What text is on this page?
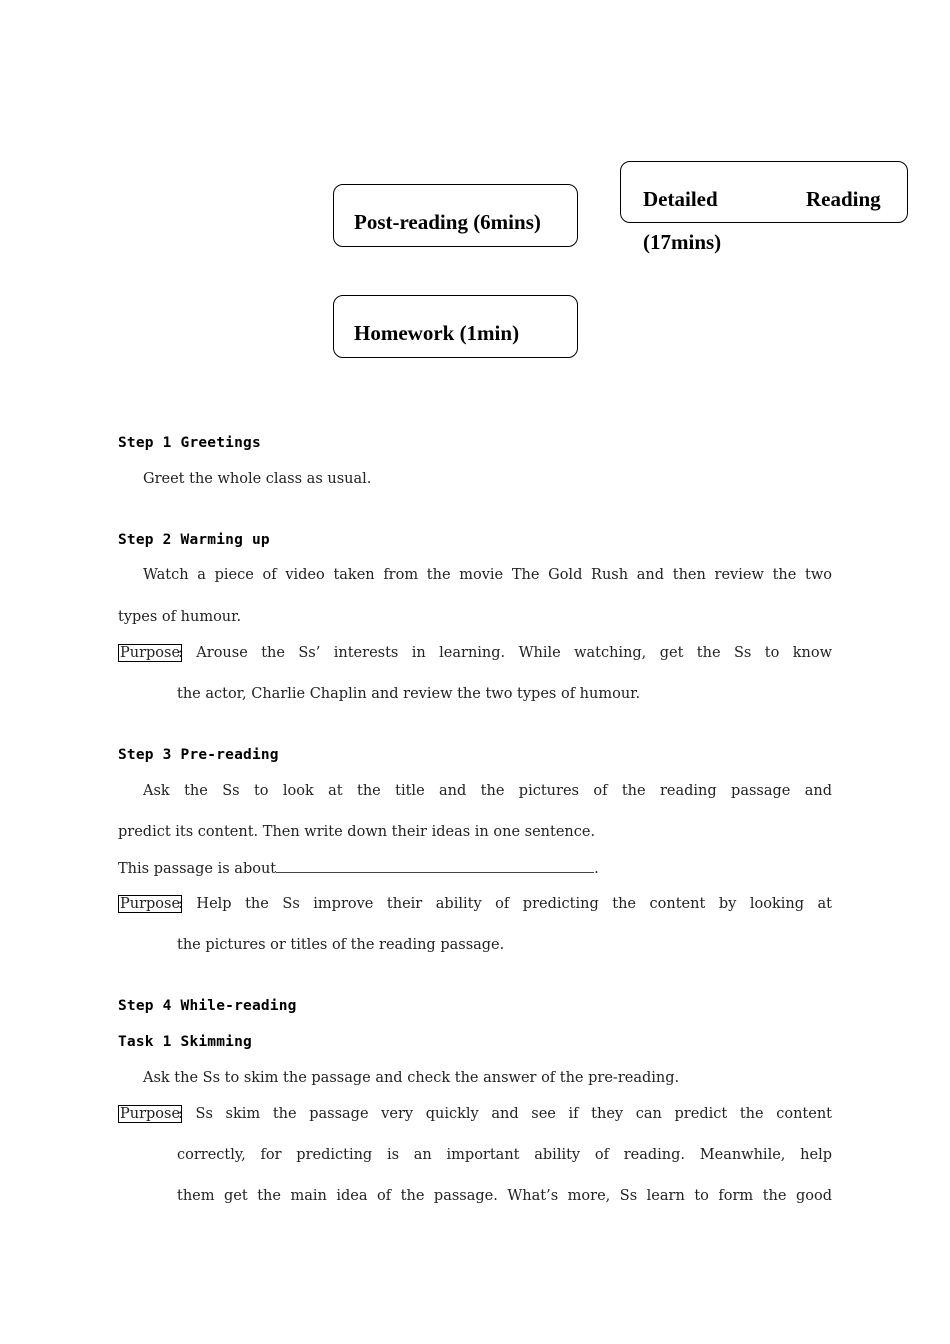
Post-reading (6mins)
Detailed	Reading
(17mins)
Homework (1min)
Step 1 Greetings
Greet the whole class as usual.
Step 2 Warming up
Watch a piece of video taken from the movie The Gold Rush and then review the two
types of humour.
Purpose
: Arouse the Ss’ interests in learning. While watching, get the Ss to know
the actor, Charlie Chaplin and review the two types of humour.
Step 3 Pre-reading
Ask the Ss to look at the title and the pictures of the reading passage and
predict its content. Then write down their ideas in one sentence.
This passage is about	.
Purpose
: Help the Ss improve their ability of predicting the content by looking at
the pictures or titles of the reading passage.
Step 4 While-reading
Task 1 Skimming
Ask the Ss to skim the passage and check the answer of the pre-reading.
Purpose
: Ss skim the passage very quickly and see if they can predict the content
correctly, for predicting is an important ability of reading. Meanwhile, help
them get the main idea of the passage. What’s more, Ss learn to form the good
